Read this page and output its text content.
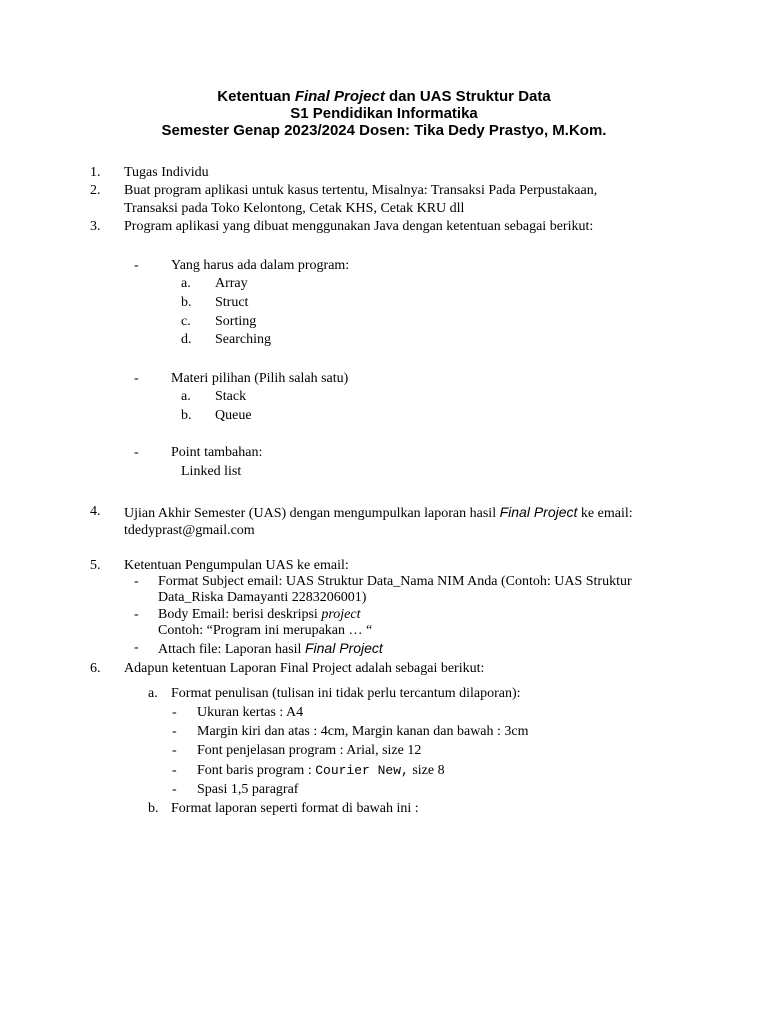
Ketentuan Final Project dan UAS Struktur Data
S1 Pendidikan Informatika
Semester Genap 2023/2024 Dosen: Tika Dedy Prastyo, M.Kom.
1. Tugas Individu
2. Buat program aplikasi untuk kasus tertentu, Misalnya: Transaksi Pada Perpustakaan,
Transaksi pada Toko Kelontong, Cetak KHS, Cetak KRU dll
3. Program aplikasi yang dibuat menggunakan Java dengan ketentuan sebagai berikut:
- Yang harus ada dalam program:
a. Array
b. Struct
c. Sorting
d. Searching
- Materi pilihan (Pilih salah satu)
a. Stack
b. Queue
- Point tambahan:
Linked list
4. Ujian Akhir Semester (UAS) dengan mengumpulkan laporan hasil Final Project ke email:
tdedyprast@gmail.com
5. Ketentuan Pengumpulan UAS ke email:
- Format Subject email: UAS Struktur Data_Nama NIM Anda (Contoh: UAS Struktur
Data_Riska Damayanti 2283206001)
- Body Email: berisi deskripsi project
Contoh: “Program ini merupakan … “
- Attach file: Laporan hasil Final Project
6. Adapun ketentuan Laporan Final Project adalah sebagai berikut:
a. Format penulisan (tulisan ini tidak perlu tercantum dilaporan):
- Ukuran kertas : A4
- Margin kiri dan atas : 4cm, Margin kanan dan bawah : 3cm
- Font penjelasan program : Arial, size 12
- Font baris program : Courier New, size 8
- Spasi 1,5 paragraf
b. Format laporan seperti format di bawah ini :
